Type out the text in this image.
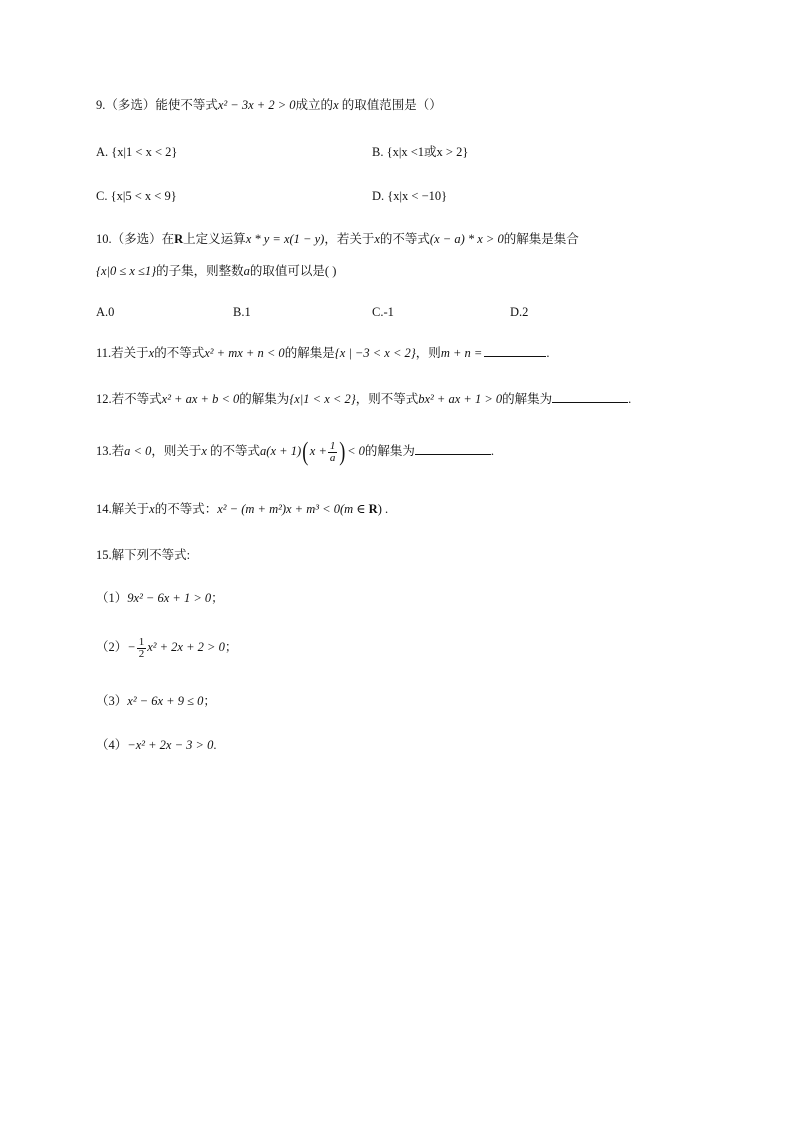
9.（多选）能使不等式x² − 3x + 2 > 0成立的x 的取值范围是（）
A. {x|1 < x < 2}	B. {x|x <1或x > 2}
C. {x|5 < x < 9}	D. {x|x < −10}
10.（多选）在R上定义运算x * y = x(1 − y)，若关于x的不等式(x − a) * x > 0的解集是集合
{x|0 ≤ x ≤1}的子集，则整数a的取值可以是( )
A.0	B.1	C.-1	D.2
11.若关于x的不等式x² + mx + n < 0的解集是{x | −3 < x < 2}，则m + n =	.
12.若不等式x² + ax + b < 0的解集为{x|1 < x < 2}，则不等式bx² + ax + 1 > 0的解集为	.
13.若a < 0，则关于x 的不等式$a(x + 1)(x + \frac{1}{a}$ )< 0的解集为	.
14.解关于x的不等式：x² − (m + m²)x + m³ < 0(m ∈ R) .
15.解下列不等式:
（1）9x² − 6x + 1 > 0；
$(2)- \frac{1}{2} x^2 + 2x + 2 > 0$；
（3）x² − 6x + 9 ≤ 0；
（4）−x² + 2x − 3 > 0.
